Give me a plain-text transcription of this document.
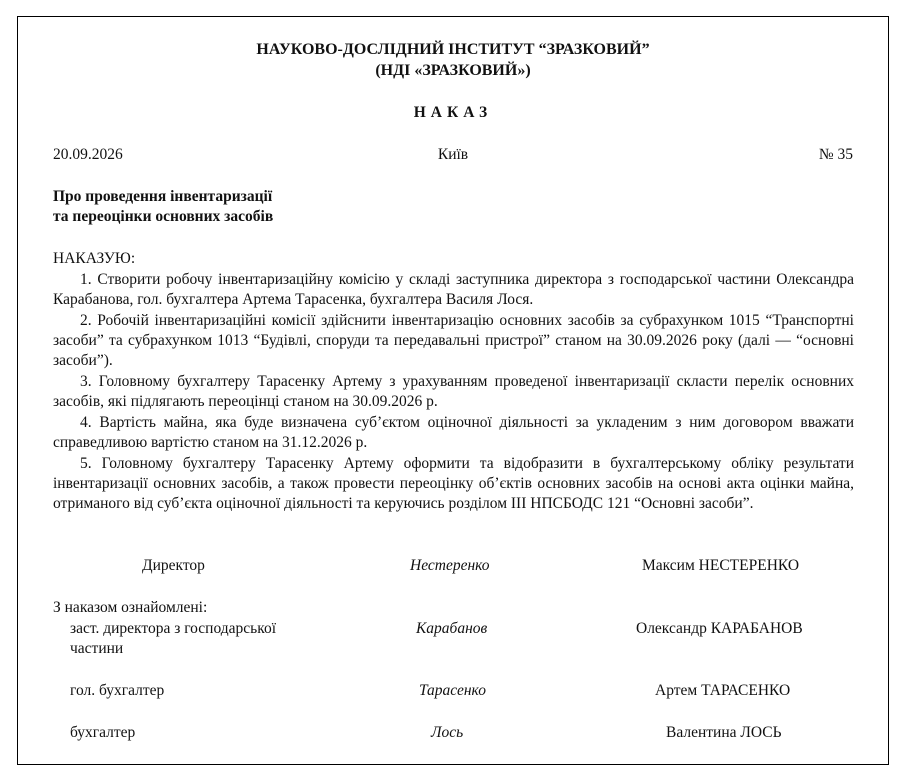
НАУКОВО-ДОСЛІДНИЙ ІНСТИТУТ “ЗРАЗКОВИЙ”
(НДІ «ЗРАЗКОВИЙ»)
НАКАЗ
20.09.2026	Київ	№ 35
Про проведення інвентаризації
та переоцінки основних засобів
НАКАЗУЮ:
1. Створити робочу інвентаризаційну комісію у складі заступника директора з господарської частини Олександра Карабанова, гол. бухгалтера Артема Тарасенка, бухгалтера Василя Лося.
2. Робочій інвентаризаційні комісії здійснити інвентаризацію основних засобів за субрахунком 1015 “Транспортні засоби” та субрахунком 1013 “Будівлі, споруди та передавальні пристрої” станом на 30.09.2026 року (далі — “основні засоби”).
3. Головному бухгалтеру Тарасенку Артему з урахуванням проведеної інвентаризації скласти перелік основних засобів, які підлягають переоцінці станом на 30.09.2026 р.
4. Вартість майна, яка буде визначена суб’єктом оціночної діяльності за укладеним з ним договором вважати справедливою вартістю станом на 31.12.2026 р.
5. Головному бухгалтеру Тарасенку Артему оформити та відобразити в бухгалтерському обліку результати інвентаризації основних засобів, а також провести переоцінку об’єктів основних засобів на основі акта оцінки майна, отриманого від суб’єкта оціночної діяльності та керуючись розділом ІІІ НПСБОДС 121 “Основні засоби”.
Директор	Нестеренко	Максим НЕСТЕРЕНКО
З наказом ознайомлені:
заст. директора з господарської
частини
Карабанов	Олександр КАРАБАНОВ
гол. бухгалтер	Тарасенко	Артем ТАРАСЕНКО
бухгалтер	Лось	Валентина ЛОСЬ
